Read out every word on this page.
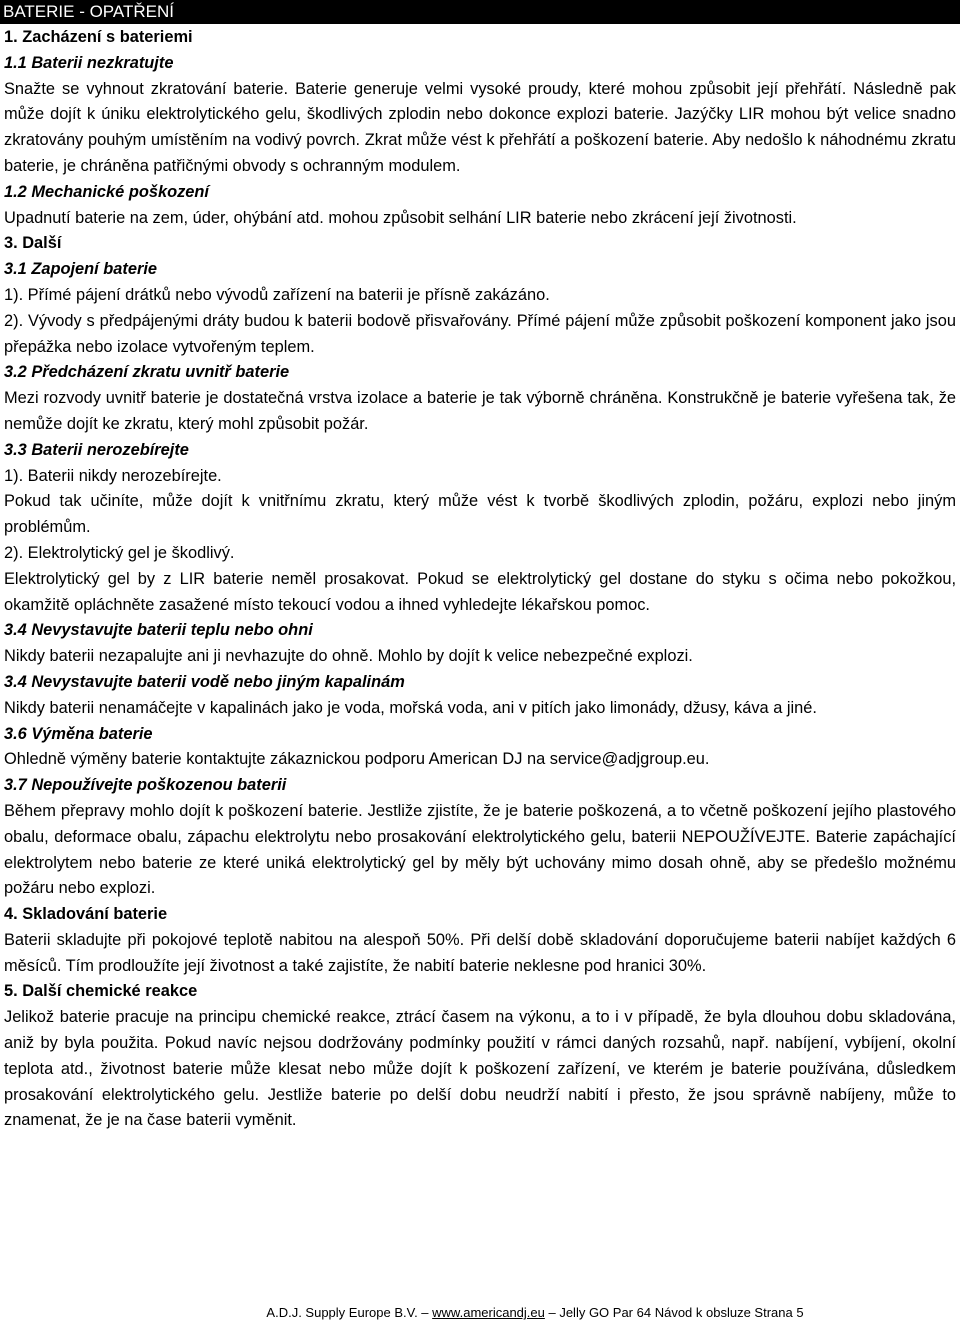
BATERIE - OPATŘENÍ
1. Zacházení s bateriemi
1.1 Baterii nezkratujte

Snažte se vyhnout zkratování baterie. Baterie generuje velmi vysoké proudy, které mohou způsobit její přehřátí. Následně pak může dojít k úniku elektrolytického gelu, škodlivých zplodin nebo dokonce explozi baterie. Jazýčky LIR mohou být velice snadno zkratovány pouhým umístěním na vodivý povrch. Zkrat může vést k přehřátí a poškození baterie. Aby nedošlo k náhodnému zkratu baterie, je chráněna patřičnými obvody s ochranným modulem.

1.2 Mechanické poškození

Upadnutí baterie na zem, úder, ohýbání atd. mohou způsobit selhání LIR baterie nebo zkrácení její životnosti.

3. Další
3.1 Zapojení baterie

1). Přímé pájení drátků nebo vývodů zařízení na baterii je přísně zakázáno.

2). Vývody s předpájenými dráty budou k baterii bodově přisvařovány. Přímé pájení může způsobit poškození komponent jako jsou přepážka nebo izolace vytvořeným teplem.

3.2 Předcházení zkratu uvnitř baterie

Mezi rozvody uvnitř baterie je dostatečná vrstva izolace a baterie je tak výborně chráněna. Konstrukčně je baterie vyřešena tak, že nemůže dojít ke zkratu, který mohl způsobit požár.

3.3 Baterii nerozebírejte

1). Baterii nikdy nerozebírejte.

Pokud tak učiníte, může dojít k vnitřnímu zkratu, který může vést k tvorbě škodlivých zplodin, požáru, explozi nebo jiným problémům.

2). Elektrolytický gel je škodlivý.

Elektrolytický gel by z LIR baterie neměl prosakovat. Pokud se elektrolytický gel dostane do styku s očima nebo pokožkou, okamžitě opláchněte zasažené místo tekoucí vodou a ihned vyhledejte lékařskou pomoc.

3.4 Nevystavujte baterii teplu nebo ohni

Nikdy baterii nezapalujte ani ji nevhazujte do ohně. Mohlo by dojít k velice nebezpečné explozi.

3.4 Nevystavujte baterii vodě nebo jiným kapalinám

Nikdy baterii nenamáčejte v kapalinách jako je voda, mořská voda, ani v pitích jako limonády, džusy, káva a jiné.

3.6 Výměna baterie

Ohledně výměny baterie kontaktujte zákaznickou podporu American DJ na service@adjgroup.eu.

3.7 Nepoužívejte poškozenou baterii

Během přepravy mohlo dojít k poškození baterie. Jestliže zjistíte, že je baterie poškozená, a to včetně poškození jejího plastového obalu, deformace obalu, zápachu elektrolytu nebo prosakování elektrolytického gelu, baterii NEPOUŽÍVEJTE. Baterie zapáchající elektrolytem nebo baterie ze které uniká elektrolytický gel by měly být uchovány mimo dosah ohně, aby se předešlo možnému požáru nebo explozi.

4. Skladování baterie

Baterii skladujte při pokojové teplotě nabitou na alespoň 50%. Při delší době skladování doporučujeme baterii nabíjet každých 6 měsíců. Tím prodloužíte její životnost a také zajistíte, že nabití baterie neklesne pod hranici 30%.

5. Další chemické reakce

Jelikož baterie pracuje na principu chemické reakce, ztrácí časem na výkonu, a to i v případě, že byla dlouhou dobu skladována, aniž by byla použita. Pokud navíc nejsou dodržovány podmínky použití v rámci daných rozsahů, např. nabíjení, vybíjení, okolní teplota atd., životnost baterie může klesat nebo může dojít k poškození zařízení, ve kterém je baterie používána, důsledkem prosakování elektrolytického gelu. Jestliže baterie po delší dobu neudrží nabití i přesto, že jsou správně nabíjeny, může to znamenat, že je na čase baterii vyměnit.

A.D.J. Supply Europe B.V. – www.americandj.eu – Jelly GO Par 64 Návod k obsluze Strana 5
